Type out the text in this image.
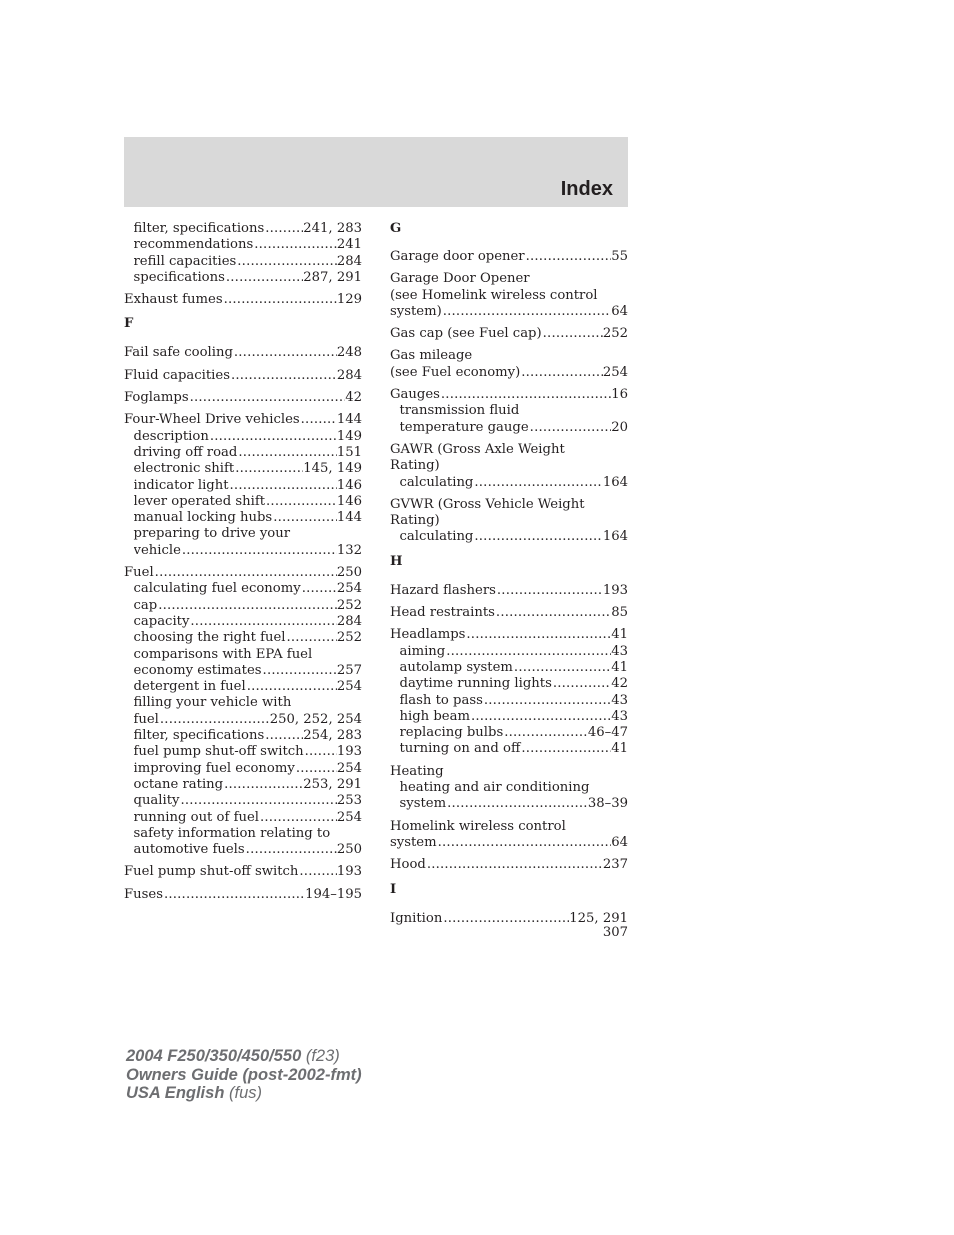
Index
filter, specifications .....	241, 283
recommendations .....	241
refill capacities .....	284
specifications .....	287, 291
Exhaust fumes .....	129
F
Fail safe cooling .....	248
Fluid capacities .....	284
Foglamps .....	42
Four-Wheel Drive vehicles .....	144
description .....	149
driving off road .....	151
electronic shift .....	145, 149
indicator light .....	146
lever operated shift .....	146
manual locking hubs .....	144
preparing to drive your
vehicle .....	132
Fuel .....	250
calculating fuel economy .....	254
cap .....	252
capacity .....	284
choosing the right fuel .....	252
comparisons with EPA fuel
economy estimates .....	257
detergent in fuel .....	254
filling your vehicle with
fuel .....	250, 252, 254
filter, specifications .....	254, 283
fuel pump shut-off switch .....	193
improving fuel economy .....	254
octane rating .....	253, 291
quality .....	253
running out of fuel .....	254
safety information relating to
automotive fuels .....	250
Fuel pump shut-off switch .....	193
Fuses .....	194–195
G
Garage door opener .....	55
Garage Door Opener
(see Homelink wireless control
system) .....	64
Gas cap (see Fuel cap) .....	252
Gas mileage
(see Fuel economy) .....	254
Gauges .....	16
transmission fluid
temperature gauge .....	20
GAWR (Gross Axle Weight
Rating)
calculating .....	164
GVWR (Gross Vehicle Weight
Rating)
calculating .....	164
H
Hazard flashers .....	193
Head restraints .....	85
Headlamps .....	41
aiming .....	43
autolamp system .....	41
daytime running lights .....	42
flash to pass .....	43
high beam .....	43
replacing bulbs .....	46–47
turning on and off .....	41
Heating
heating and air conditioning
system .....	38–39
Homelink wireless control
system .....	64
Hood .....	237
I
Ignition .....	125, 291
307
2004 F250/350/450/550 (f23)
Owners Guide (post-2002-fmt)
USA English (fus)
